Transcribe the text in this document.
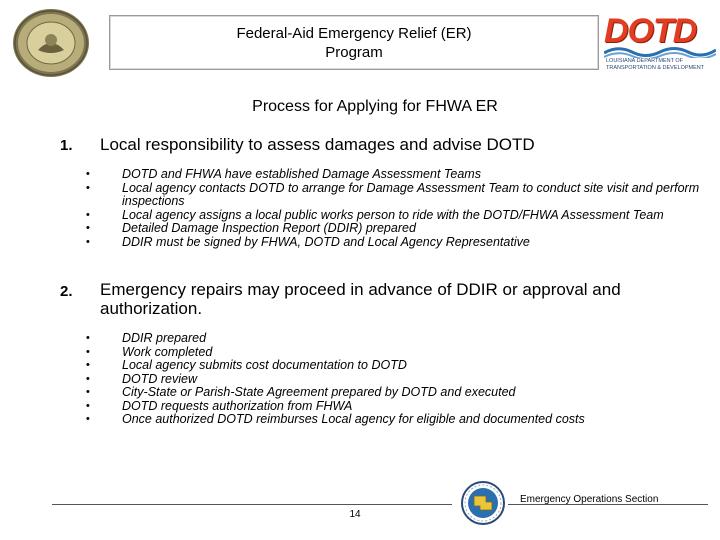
Federal-Aid Emergency Relief (ER)
Program
DOTD
LOUISIANA DEPARTMENT OF TRANSPORTATION & DEVELOPMENT
Process for Applying for FHWA ER
1. Local responsibility to assess damages and advise DOTD
•	DOTD and FHWA have established Damage Assessment Teams
•	Local agency contacts DOTD to arrange for Damage Assessment Team to conduct site visit and perform inspections
•	Local agency assigns a local public works person to ride with the DOTD/FHWA Assessment Team
•	Detailed Damage Inspection Report (DDIR) prepared
•	DDIR must be signed by FHWA, DOTD and Local Agency Representative
2. Emergency repairs may proceed in advance of DDIR or approval and authorization.
•	DDIR prepared
•	Work completed
•	Local agency submits cost documentation to DOTD
•	DOTD review
•	City-State or Parish-State Agreement prepared by DOTD and executed
•	DOTD requests authorization from FHWA
•	Once authorized DOTD reimburses Local agency for eligible and documented costs
14
Emergency Operations Section
